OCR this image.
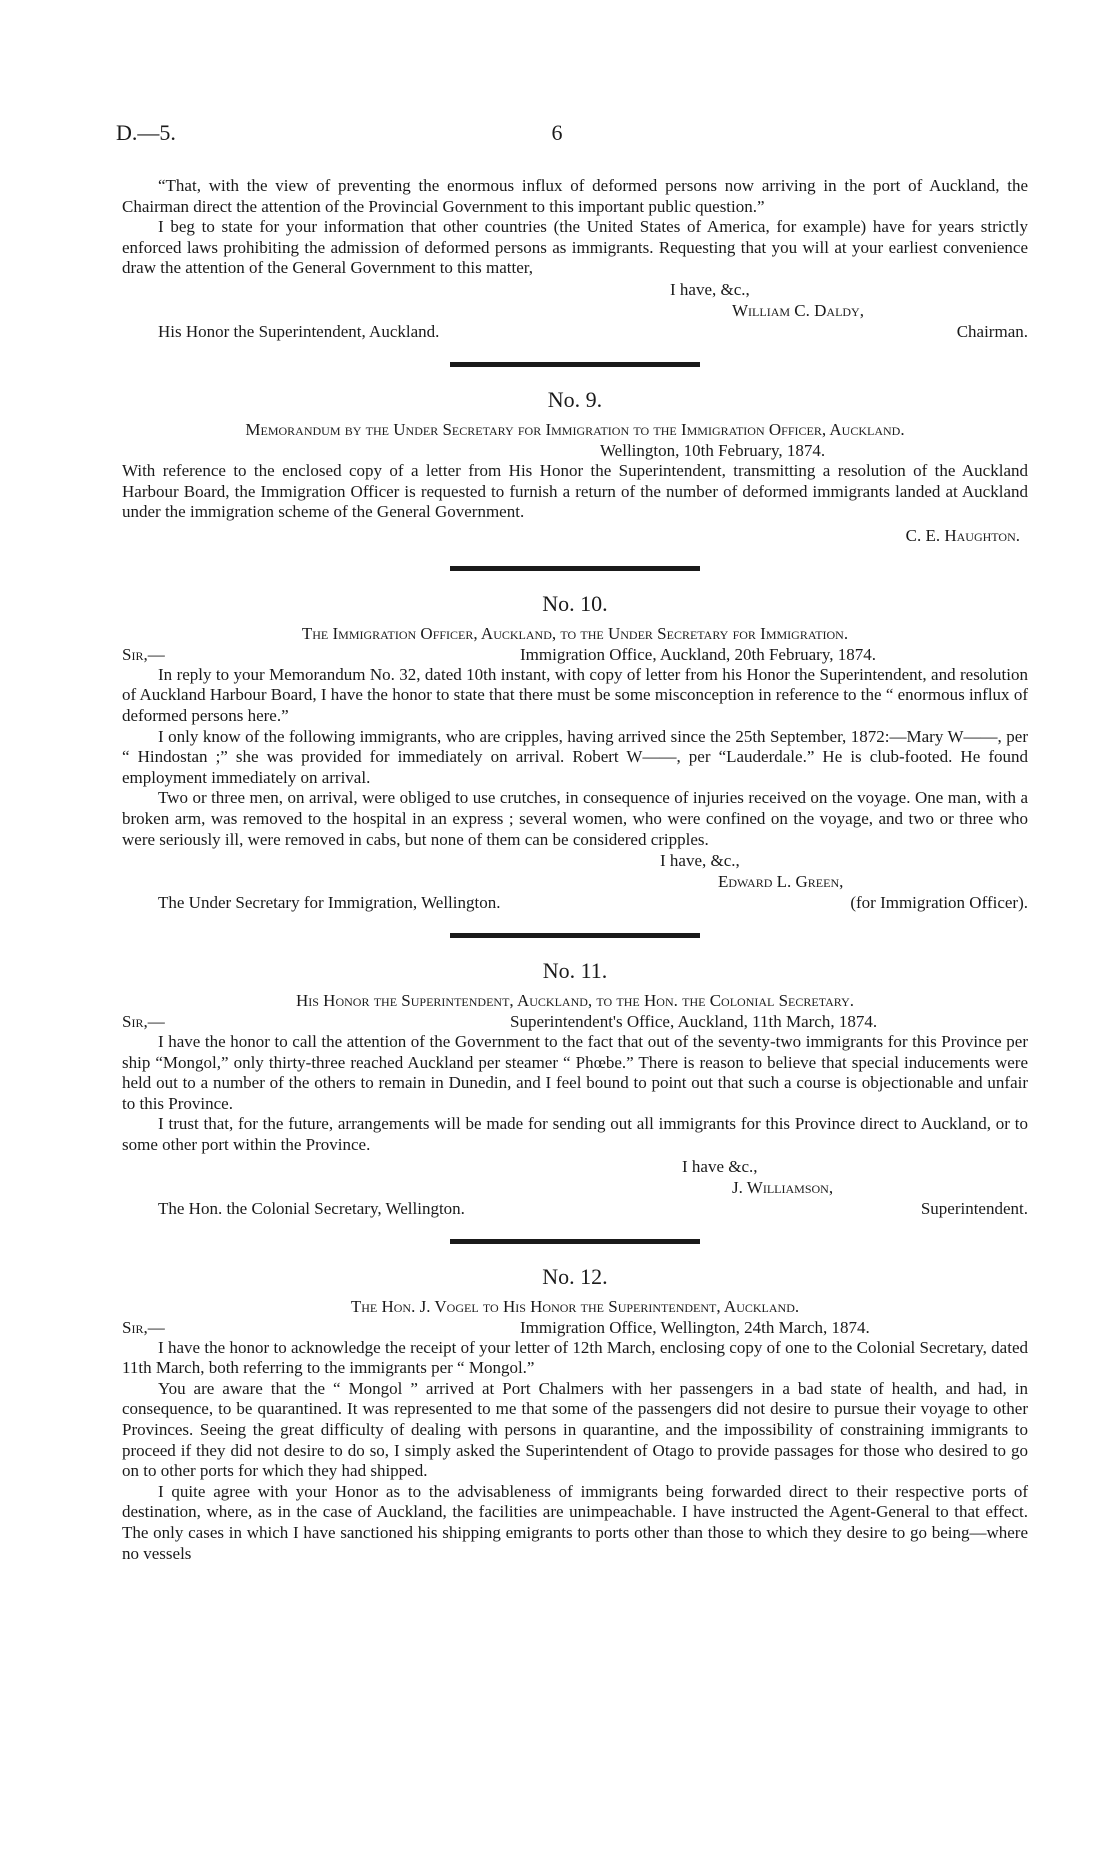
D.—5.	6

“That, with the view of preventing the enormous influx of deformed persons now arriving in the port of Auckland, the Chairman direct the attention of the Provincial Government to this important public question.”

I beg to state for your information that other countries (the United States of America, for example) have for years strictly enforced laws prohibiting the admission of deformed persons as immigrants. Requesting that you will at your earliest convenience draw the attention of the General Government to this matter,

I have, &c.,
William C. Daldy,
His Honor the Superintendent, Auckland.	Chairman.
No. 9.
Memorandum by the Under Secretary for Immigration to the Immigration Officer, Auckland.
Wellington, 10th February, 1874.

With reference to the enclosed copy of a letter from His Honor the Superintendent, transmitting a resolution of the Auckland Harbour Board, the Immigration Officer is requested to furnish a return of the number of deformed immigrants landed at Auckland under the immigration scheme of the General Government.

C. E. Haughton.
No. 10.
The Immigration Officer, Auckland, to the Under Secretary for Immigration.
Sir,—	Immigration Office, Auckland, 20th February, 1874.

In reply to your Memorandum No. 32, dated 10th instant, with copy of letter from his Honor the Superintendent, and resolution of Auckland Harbour Board, I have the honor to state that there must be some misconception in reference to the “ enormous influx of deformed persons here.”

I only know of the following immigrants, who are cripples, having arrived since the 25th September, 1872:—Mary W——, per “ Hindostan ;” she was provided for immediately on arrival. Robert W——, per “Lauderdale.” He is club-footed. He found employment immediately on arrival.

Two or three men, on arrival, were obliged to use crutches, in consequence of injuries received on the voyage. One man, with a broken arm, was removed to the hospital in an express ; several women, who were confined on the voyage, and two or three who were seriously ill, were removed in cabs, but none of them can be considered cripples.

I have, &c.,
Edward L. Green,
The Under Secretary for Immigration, Wellington.	(for Immigration Officer).
No. 11.
His Honor the Superintendent, Auckland, to the Hon. the Colonial Secretary.
Sir,—	Superintendent's Office, Auckland, 11th March, 1874.

I have the honor to call the attention of the Government to the fact that out of the seventy-two immigrants for this Province per ship “Mongol,” only thirty-three reached Auckland per steamer “ Phœbe.” There is reason to believe that special inducements were held out to a number of the others to remain in Dunedin, and I feel bound to point out that such a course is objectionable and unfair to this Province.

I trust that, for the future, arrangements will be made for sending out all immigrants for this Province direct to Auckland, or to some other port within the Province.

I have &c.,
J. Williamson,
The Hon. the Colonial Secretary, Wellington.	Superintendent.
No. 12.
The Hon. J. Vogel to His Honor the Superintendent, Auckland.
Sir,—	Immigration Office, Wellington, 24th March, 1874.

I have the honor to acknowledge the receipt of your letter of 12th March, enclosing copy of one to the Colonial Secretary, dated 11th March, both referring to the immigrants per “ Mongol.”

You are aware that the “ Mongol ” arrived at Port Chalmers with her passengers in a bad state of health, and had, in consequence, to be quarantined. It was represented to me that some of the passengers did not desire to pursue their voyage to other Provinces. Seeing the great difficulty of dealing with persons in quarantine, and the impossibility of constraining immigrants to proceed if they did not desire to do so, I simply asked the Superintendent of Otago to provide passages for those who desired to go on to other ports for which they had shipped.

I quite agree with your Honor as to the advisableness of immigrants being forwarded direct to their respective ports of destination, where, as in the case of Auckland, the facilities are unimpeachable. I have instructed the Agent-General to that effect. The only cases in which I have sanctioned his shipping emigrants to ports other than those to which they desire to go being—where no vessels
